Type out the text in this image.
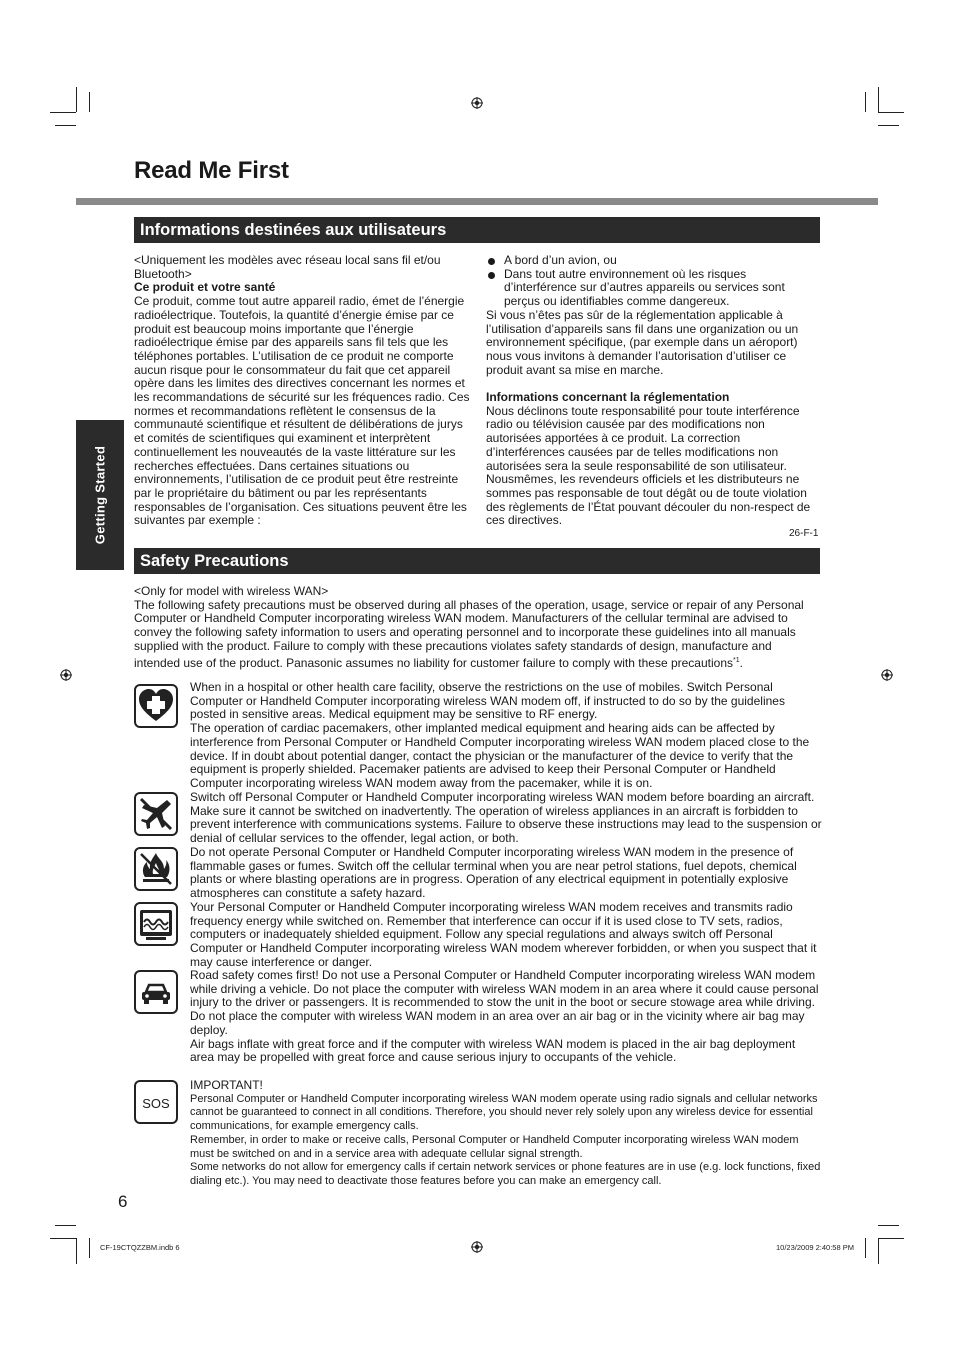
Read Me First
Getting Started
Informations destinées aux utilisateurs

<Uniquement les modèles avec réseau local sans fil et/ou Bluetooth>

Ce produit et votre santé

Ce produit, comme tout autre appareil radio, émet de l’énergie radioélectrique. Toutefois, la quantité d’énergie émise par ce produit est beaucoup moins importante que l’énergie radioélectrique émise par des appareils sans fil tels que les téléphones portables. L’utilisation de ce produit ne comporte aucun risque pour le consommateur du fait que cet appareil opère dans les limites des directives concernant les normes et les recommandations de sécurité sur les fréquences radio. Ces normes et recommandations reflètent le consensus de la communauté scientifique et résultent de délibérations de jurys et comités de scientifiques qui examinent et interprètent continuellement les nouveautés de la vaste littérature sur les recherches effectuées. Dans certaines situations ou environnements, l’utilisation de ce produit peut être restreinte par le propriétaire du bâtiment ou par les représentants responsables de l’organisation. Ces situations peuvent être les suivantes par exemple :

A bord d’un avion, ou

Dans tout autre environnement où les risques d’interférence sur d’autres appareils ou services sont perçus ou identifiables comme dangereux.

Si vous n’êtes pas sûr de la réglementation applicable à l’utilisation d’appareils sans fil dans une organization ou un environnement spécifique, (par exemple dans un aéroport) nous vous invitons à demander l’autorisation d’utiliser ce produit avant sa mise en marche.

Informations concernant la réglementation

Nous déclinons toute responsabilité pour toute interférence radio ou télévision causée par des modifications non autorisées apportées à ce produit. La correction d’interférences causées par de telles modifications non autorisées sera la seule responsabilité de son utilisateur. Nousmêmes, les revendeurs officiels et les distributeurs ne sommes pas responsable de tout dégât ou de toute violation des règlements de l’État pouvant découler du non-respect de ces directives.

26-F-1
Safety Precautions

<Only for model with wireless WAN>

The following safety precautions must be observed during all phases of the operation, usage, service or repair of any Personal Computer or Handheld Computer incorporating wireless WAN modem. Manufacturers of the cellular terminal are advised to convey the following safety information to users and operating personnel and to incorporate these guidelines into all manuals supplied with the product. Failure to comply with these precautions violates safety standards of design, manufacture and intended use of the product. Panasonic assumes no liability for customer failure to comply with these precautions$^{*1}$.

When in a hospital or other health care facility, observe the restrictions on the use of mobiles. Switch Personal Computer or Handheld Computer incorporating wireless WAN modem off, if instructed to do so by the guidelines posted in sensitive areas. Medical equipment may be sensitive to RF energy.

The operation of cardiac pacemakers, other implanted medical equipment and hearing aids can be affected by interference from Personal Computer or Handheld Computer incorporating wireless WAN modem placed close to the device. If in doubt about potential danger, contact the physician or the manufacturer of the device to verify that the equipment is properly shielded. Pacemaker patients are advised to keep their Personal Computer or Handheld Computer incorporating wireless WAN modem away from the pacemaker, while it is on.

Switch off Personal Computer or Handheld Computer incorporating wireless WAN modem before boarding an aircraft. Make sure it cannot be switched on inadvertently. The operation of wireless appliances in an aircraft is forbidden to prevent interference with communications systems. Failure to observe these instructions may lead to the suspension or denial of cellular services to the offender, legal action, or both.

Do not operate Personal Computer or Handheld Computer incorporating wireless WAN modem in the presence of flammable gases or fumes. Switch off the cellular terminal when you are near petrol stations, fuel depots, chemical plants or where blasting operations are in progress. Operation of any electrical equipment in potentially explosive atmospheres can constitute a safety hazard.

Your Personal Computer or Handheld Computer incorporating wireless WAN modem receives and transmits radio frequency energy while switched on. Remember that interference can occur if it is used close to TV sets, radios, computers or inadequately shielded equipment. Follow any special regulations and always switch off Personal Computer or Handheld Computer incorporating wireless WAN modem wherever forbidden, or when you suspect that it may cause interference or danger.

Road safety comes first! Do not use a Personal Computer or Handheld Computer incorporating wireless WAN modem while driving a vehicle. Do not place the computer with wireless WAN modem in an area where it could cause personal injury to the driver or passengers. It is recommended to stow the unit in the boot or secure stowage area while driving.

Do not place the computer with wireless WAN modem in an area over an air bag or in the vicinity where air bag may deploy.

Air bags inflate with great force and if the computer with wireless WAN modem is placed in the air bag deployment area may be propelled with great force and cause serious injury to occupants of the vehicle.

SOS

IMPORTANT!

Personal Computer or Handheld Computer incorporating wireless WAN modem operate using radio signals and cellular networks cannot be guaranteed to connect in all conditions. Therefore, you should never rely solely upon any wireless device for essential communications, for example emergency calls.

Remember, in order to make or receive calls, Personal Computer or Handheld Computer incorporating wireless WAN modem must be switched on and in a service area with adequate cellular signal strength.

Some networks do not allow for emergency calls if certain network services or phone features are in use (e.g. lock functions, fixed dialing etc.). You may need to deactivate those features before you can make an emergency call.

6
CF-19CTQZZBM.indb 6	10/23/2009 2:40:58 PM
